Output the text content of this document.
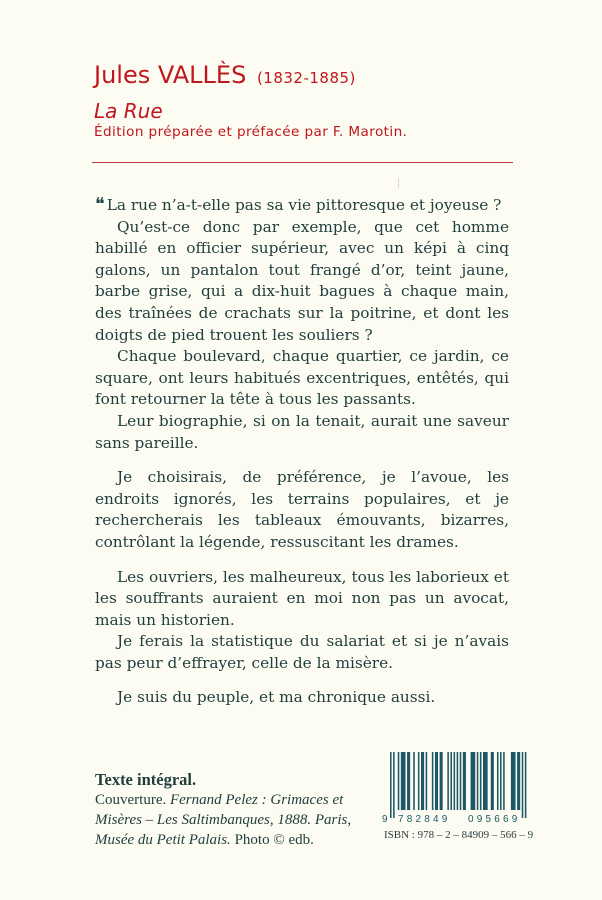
Jules VALLÈS (1832-1885)
La Rue
Édition préparée et préfacée par F. Marotin.

❝ La rue n’a-t-elle pas sa vie pittoresque et joyeuse ?

Qu’est-ce donc par exemple, que cet homme habillé en officier supérieur, avec un képi à cinq galons, un pantalon tout frangé d’or, teint jaune, barbe grise, qui a dix-huit bagues à chaque main, des traînées de crachats sur la poitrine, et dont les doigts de pied trouent les souliers ?

Chaque boulevard, chaque quartier, ce jardin, ce square, ont leurs habitués excentriques, entêtés, qui font retourner la tête à tous les passants.

Leur biographie, si on la tenait, aurait une saveur sans pareille.

Je choisirais, de préférence, je l’avoue, les endroits ignorés, les terrains populaires, et je rechercherais les tableaux émouvants, bizarres, contrôlant la légende, ressuscitant les drames.

Les ouvriers, les malheureux, tous les laborieux et les souffrants auraient en moi non pas un avocat, mais un historien.

Je ferais la statistique du salariat et si je n’avais pas peur d’effrayer, celle de la misère.

Je suis du peuple, et ma chronique aussi.

Texte intégral.
Couverture. Fernand Pelez : Grimaces et Misères – Les Saltimbanques, 1888. Paris, Musée du Petit Palais. Photo © edb.
9 782849 095669
ISBN : 978 – 2 – 84909 – 566 – 9
